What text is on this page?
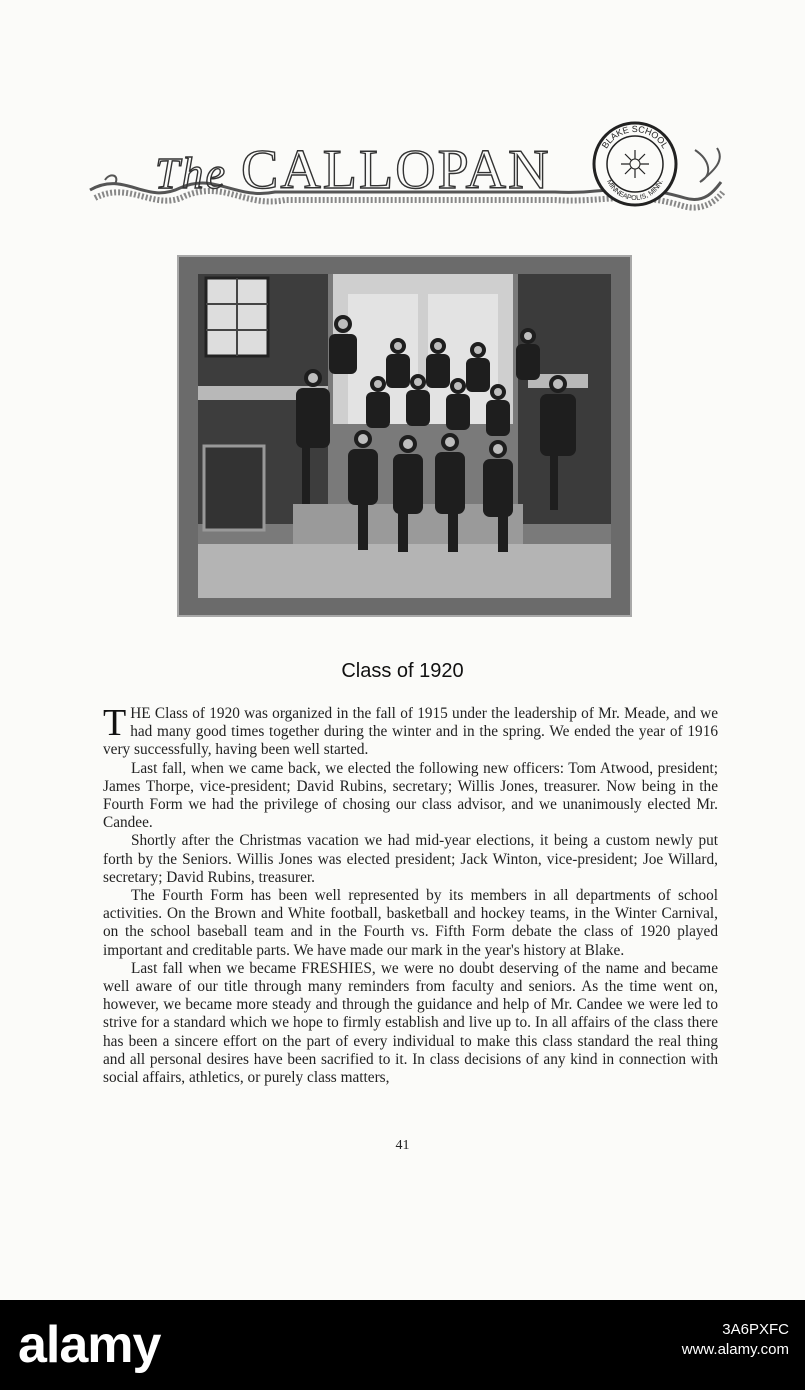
The CALLOPAN	BLAKE SCHOOL
MINNEAPOLIS, MINN.
Class of 1920

THE Class of 1920 was organized in the fall of 1915 under the leadership of Mr. Meade, and we had many good times together during the winter and in the spring. We ended the year of 1916 very successfully, having been well started.

Last fall, when we came back, we elected the following new officers: Tom Atwood, president; James Thorpe, vice-president; David Rubins, secretary; Willis Jones, treasurer. Now being in the Fourth Form we had the privilege of chosing our class advisor, and we unanimously elected Mr. Candee.

Shortly after the Christmas vacation we had mid-year elections, it being a custom newly put forth by the Seniors. Willis Jones was elected president; Jack Winton, vice-president; Joe Willard, secretary; David Rubins, treasurer.

The Fourth Form has been well represented by its members in all departments of school activities. On the Brown and White football, basketball and hockey teams, in the Winter Carnival, on the school baseball team and in the Fourth vs. Fifth Form debate the class of 1920 played important and creditable parts. We have made our mark in the year's history at Blake.

Last fall when we became FRESHIES, we were no doubt deserving of the name and became well aware of our title through many reminders from faculty and seniors. As the time went on, however, we became more steady and through the guidance and help of Mr. Candee we were led to strive for a standard which we hope to firmly establish and live up to. In all affairs of the class there has been a sincere effort on the part of every individual to make this class standard the real thing and all personal desires have been sacrified to it. In class decisions of any kind in connection with social affairs, athletics, or purely class matters,

41
alamy	3A6PXFC
www.alamy.com
